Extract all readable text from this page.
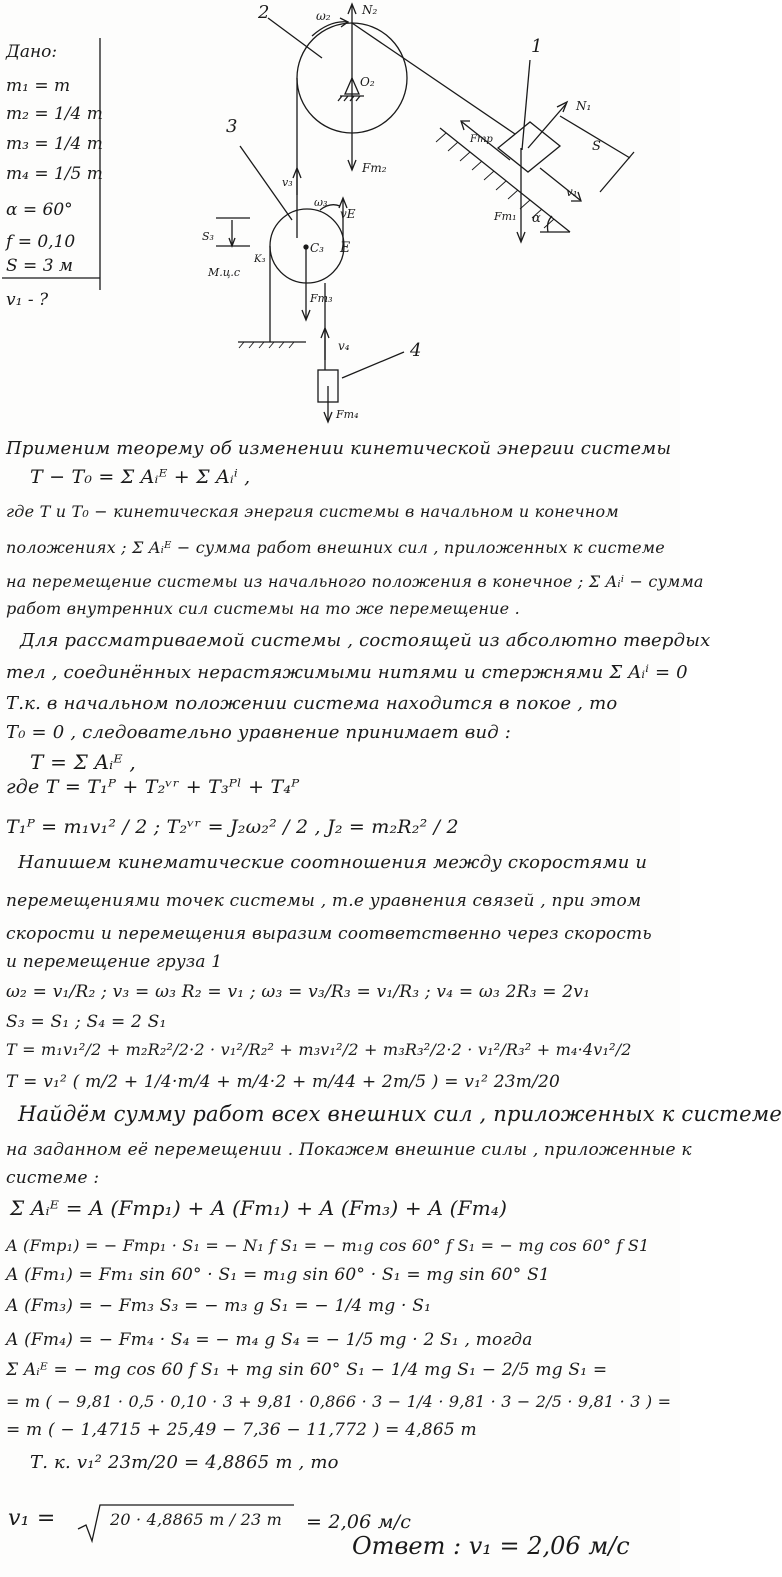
Дано:
m₁ = m
m₂ = 1/4 m
m₃ = 1/4 m
m₄ = 1/5 m
α = 60°
f = 0,10
S = 3 м
v₁ - ?
2	ω₂	N₂
O₂
Fт₂
1
N₁
S
v₁
Fтр
Fт₁ α
3
v₃
ω₃
vE
S₃
C₃ E
K₃
М.ц.с
Fт₃
v₄	4
Fт₄
Применим теорему об изменении кинетической энергии системы
T − T₀ = Σ Aᵢᴱ + Σ Aᵢⁱ ,
где T и T₀ − кинетическая энергия системы в начальном и конечном
положениях ; Σ Aᵢᴱ − сумма работ внешних сил , приложенных к системе
на перемещение системы из начального положения в конечное ; Σ Aᵢⁱ − сумма
работ внутренних сил системы на то же перемещение .
Для рассматриваемой системы , состоящей из абсолютно твердых
тел , соединённых нерастяжимыми нитями и стержнями Σ Aᵢⁱ = 0
Т.к. в начальном положении система находится в покое , то
T₀ = 0 , следовательно уравнение принимает вид :
T = Σ Aᵢᴱ ,
где T = T₁ᴾ + T₂ᵛʳ + T₃ᴾˡ + T₄ᴾ
T₁ᴾ = m₁v₁² / 2 ; T₂ᵛʳ = J₂ω₂² / 2 , J₂ = m₂R₂² / 2
Напишем кинематические соотношения между скоростями и
перемещениями точек системы , т.е уравнения связей , при этом
скорости и перемещения выразим соответственно через скорость
и перемещение груза 1
ω₂ = v₁/R₂ ; v₃ = ω₃ R₂ = v₁ ; ω₃ = v₃/R₃ = v₁/R₃ ; v₄ = ω₃ 2R₃ = 2v₁
S₃ = S₁ ; S₄ = 2 S₁
T = m₁v₁²/2 + m₂R₂²/2·2 · v₁²/R₂² + m₃v₁²/2 + m₃R₃²/2·2 · v₁²/R₃² + m₄·4v₁²/2
T = v₁² ( m/2 + 1/4·m/4 + m/4·2 + m/44 + 2m/5 ) = v₁² 23m/20
Найдём сумму работ всех внешних сил , приложенных к системе
на заданном её перемещении . Покажем внешние силы , приложенные к
системе :
Σ Aᵢᴱ = A (Fтр₁) + A (Fт₁) + A (Fт₃) + A (Fт₄)
A (Fтр₁) = − Fтр₁ · S₁ = − N₁ f S₁ = − m₁g cos 60° f S₁ = − mg cos 60° f S1
A (Fт₁) = Fт₁ sin 60° · S₁ = m₁g sin 60° · S₁ = mg sin 60° S1
A (Fт₃) = − Fт₃ S₃ = − m₃ g S₁ = − 1/4 mg · S₁
A (Fт₄) = − Fт₄ · S₄ = − m₄ g S₄ = − 1/5 mg · 2 S₁ , тогда
Σ Aᵢᴱ = − mg cos 60 f S₁ + mg sin 60° S₁ − 1/4 mg S₁ − 2/5 mg S₁ =
= m ( − 9,81 · 0,5 · 0,10 · 3 + 9,81 · 0,866 · 3 − 1/4 · 9,81 · 3 − 2/5 · 9,81 · 3 ) =
= m ( − 1,4715 + 25,49 − 7,36 − 11,772 ) = 4,865 m
Т. к. v₁² 23m/20 = 4,8865 m , то
v₁ =	20 · 4,8865 m / 23 m = 2,06 м/с
Ответ : v₁ = 2,06 м/с
